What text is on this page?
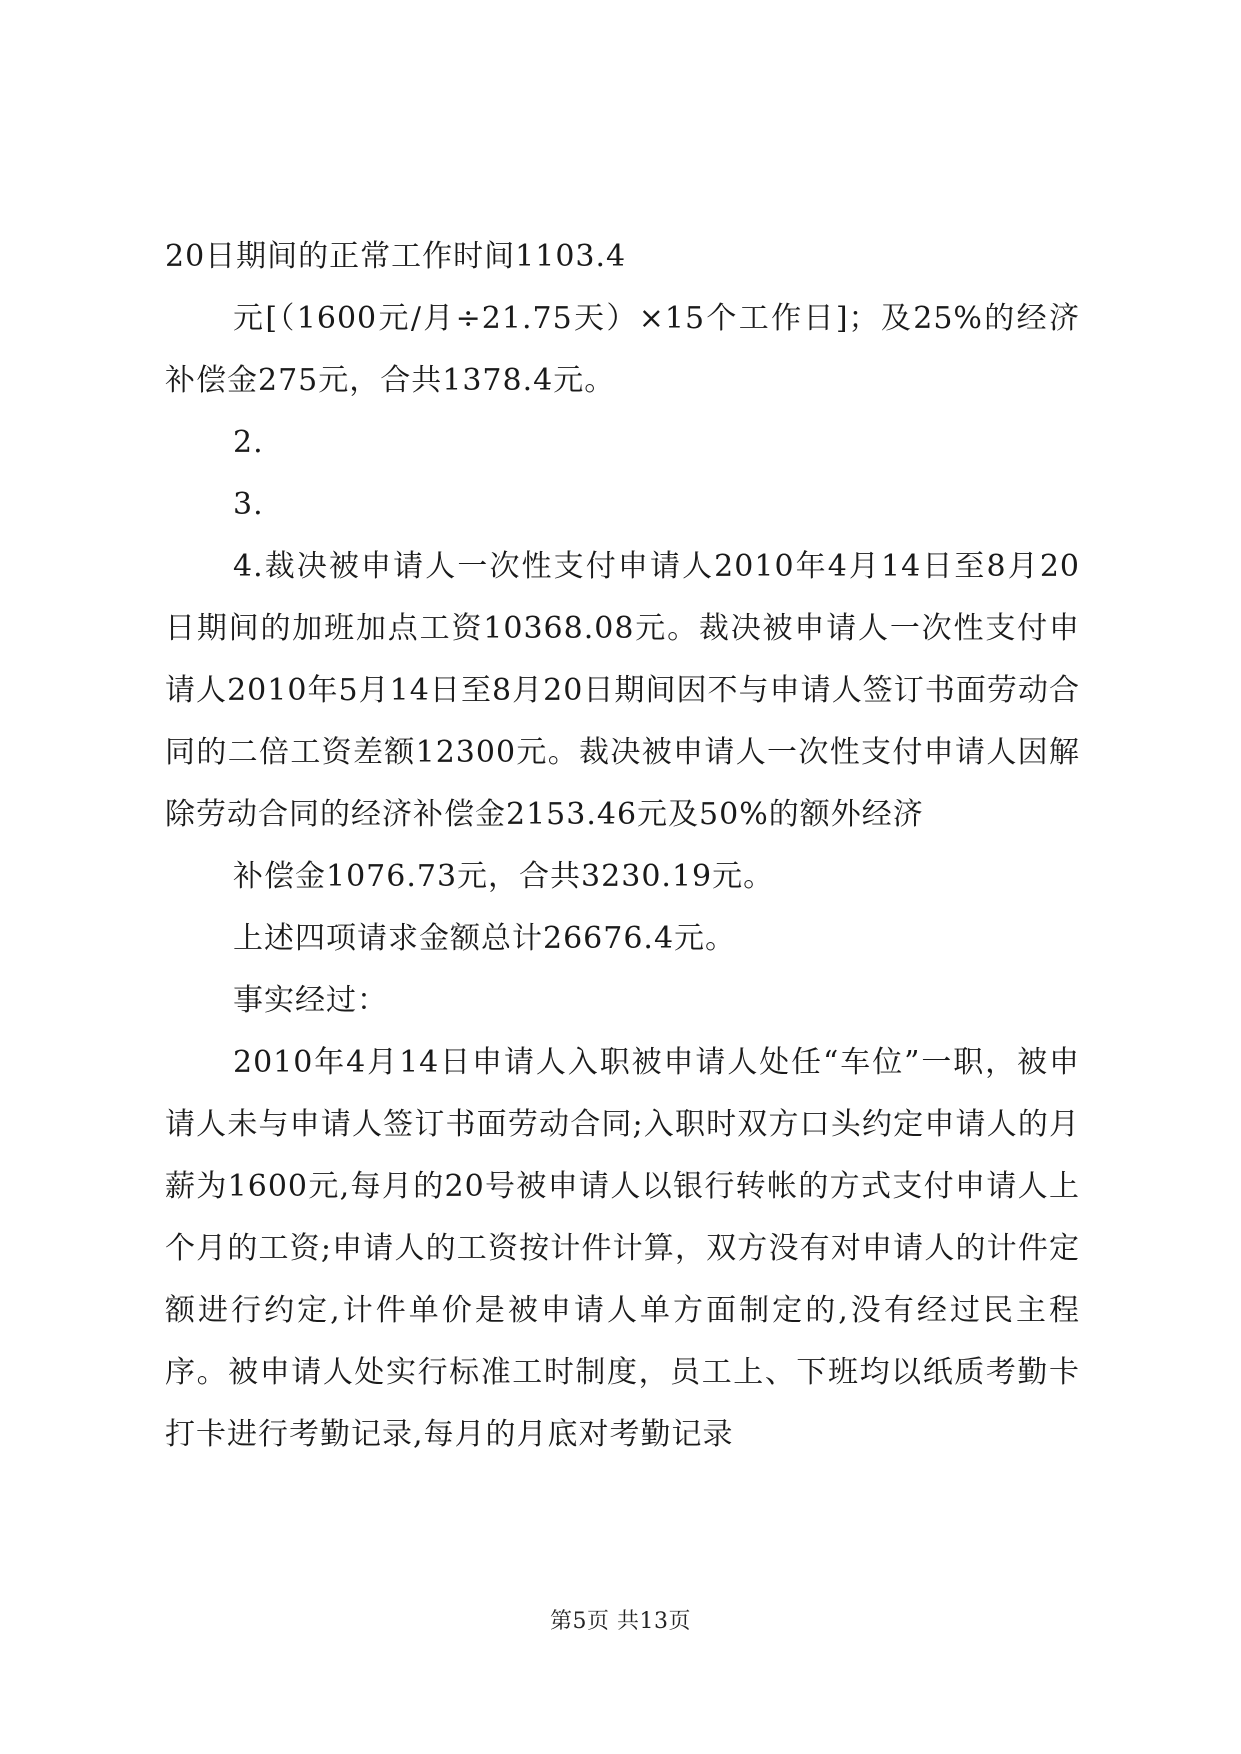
20日期间的正常工作时间1103.4

元[（1600元/月÷21.75天）×15个工作日]；及25%的经济补偿金275元，合共1378.4元。

2.

3.

4.裁决被申请人一次性支付申请人2010年4月14日至8月20日期间的加班加点工资10368.08元。裁决被申请人一次性支付申请人2010年5月14日至8月20日期间因不与申请人签订书面劳动合同的二倍工资差额12300元。裁决被申请人一次性支付申请人因解除劳动合同的经济补偿金2153.46元及50%的额外经济

补偿金1076.73元，合共3230.19元。

上述四项请求金额总计26676.4元。

事实经过：

2010年4月14日申请人入职被申请人处任“车位”一职，被申请人未与申请人签订书面劳动合同;入职时双方口头约定申请人的月薪为1600元,每月的20号被申请人以银行转帐的方式支付申请人上个月的工资;申请人的工资按计件计算，双方没有对申请人的计件定额进行约定,计件单价是被申请人单方面制定的,没有经过民主程序。被申请人处实行标准工时制度，员工上、下班均以纸质考勤卡打卡进行考勤记录,每月的月底对考勤记录

第5页 共13页
